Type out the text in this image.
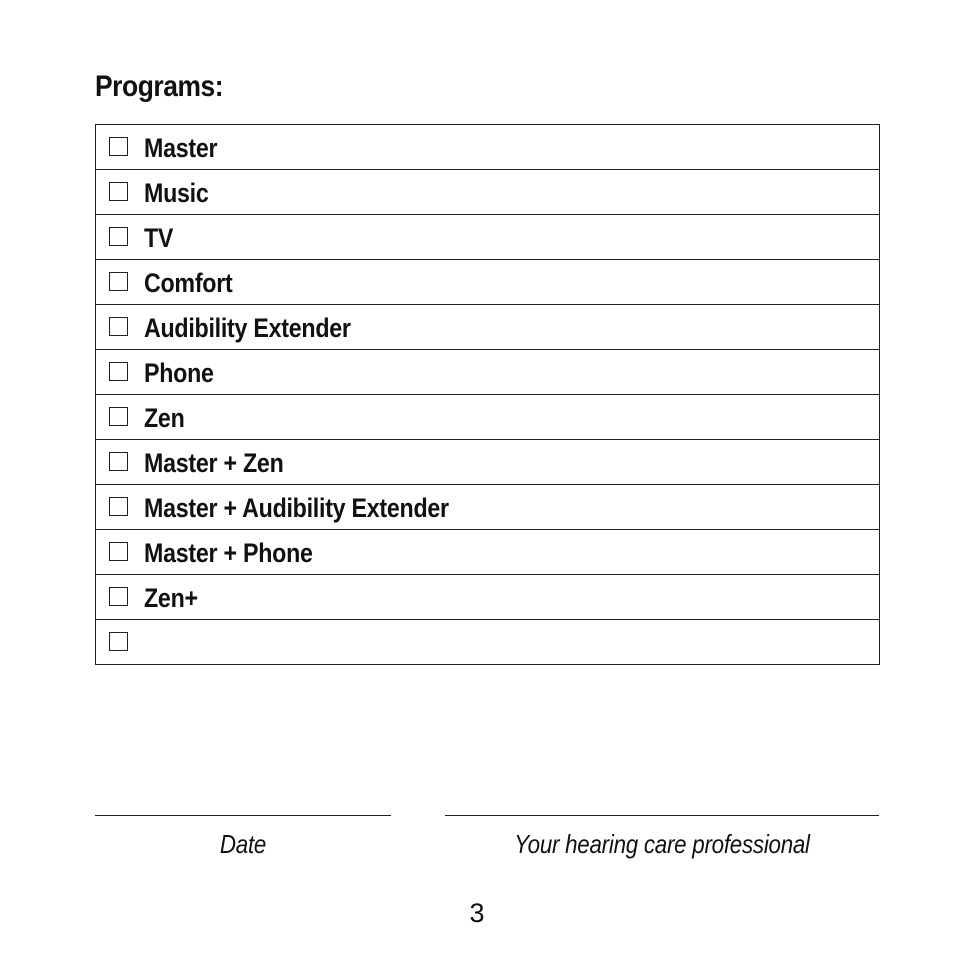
Programs:
Master
Music
TV
Comfort
Audibility Extender
Phone
Zen
Master + Zen
Master + Audibility Extender
Master + Phone
Zen+
Date	Your hearing care professional
3
